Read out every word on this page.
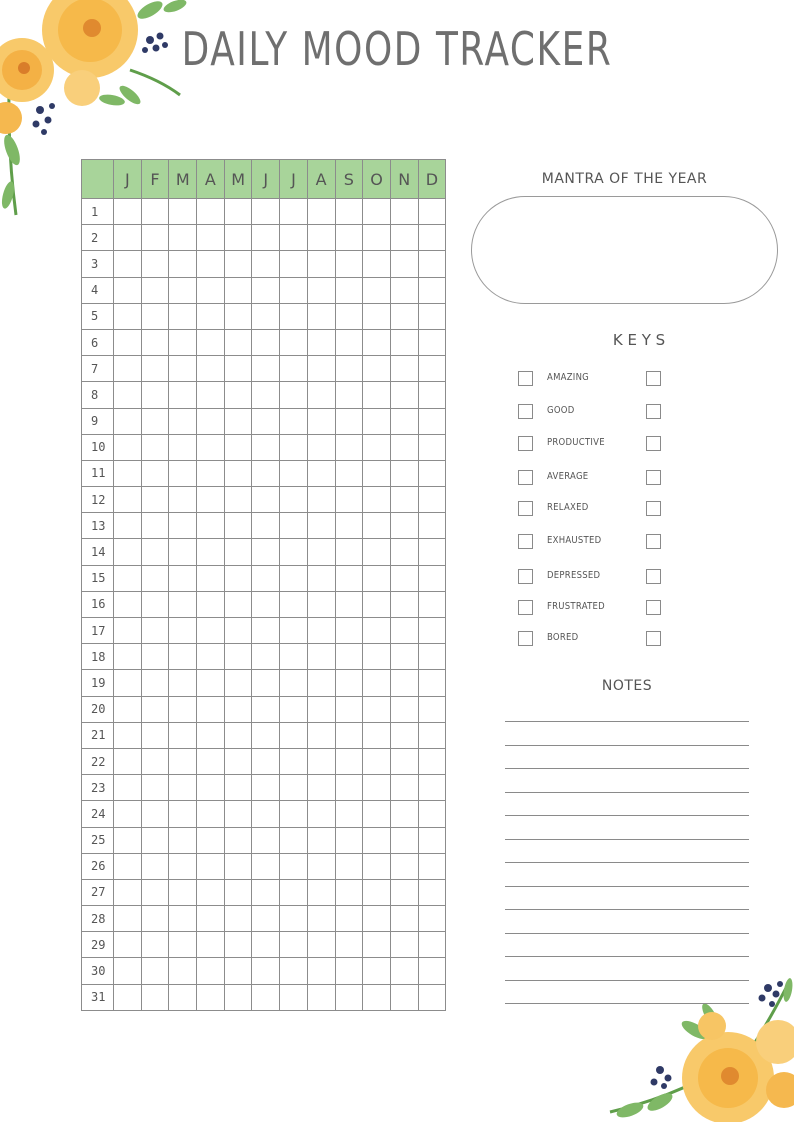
DAILY MOOD TRACKER
	J	F	M	A	M	J	J	A	S	O	N	D
1												
2												
3												
4												
5												
6												
7												
8												
9												
10												
11												
12												
13												
14												
15												
16												
17												
18												
19												
20												
21												
22												
23												
24												
25												
26												
27												
28												
29												
30												
31												
MANTRA OF THE YEAR
K E Y S
AMAZING
GOOD
PRODUCTIVE
AVERAGE
RELAXED
EXHAUSTED
DEPRESSED
FRUSTRATED
BORED
NOTES
